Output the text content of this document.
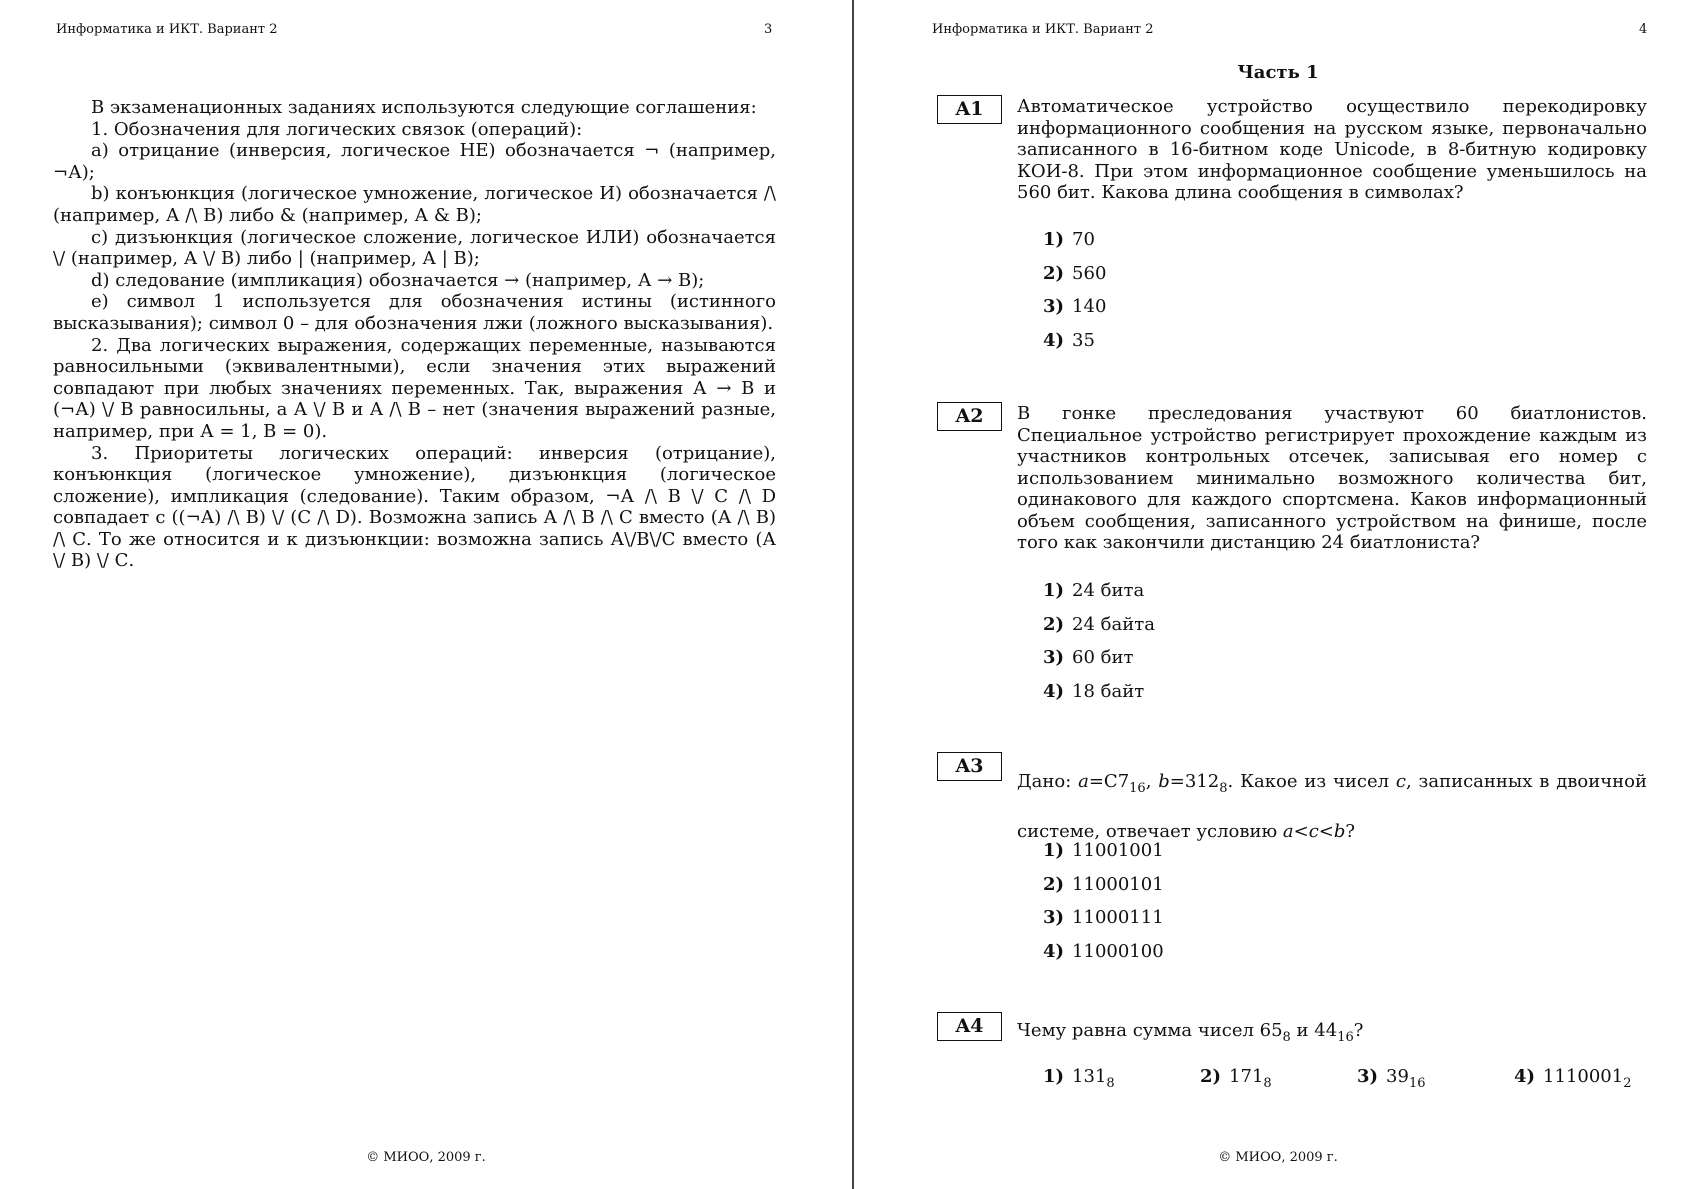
Информатика и ИКТ. Вариант 2	3

В экзаменационных заданиях используются следующие соглашения:

1. Обозначения для логических связок (операций):

a) отрицание (инверсия, логическое НЕ) обозначается ¬ (например, ¬А);

b) конъюнкция (логическое умножение, логическое И) обозначается /\ (например, А /\ В) либо & (например, А & В);

c) дизъюнкция (логическое сложение, логическое ИЛИ) обозначается \/ (например, А \/ В) либо | (например, А | В);

d) следование (импликация) обозначается → (например, А → В);

e) символ 1 используется для обозначения истины (истинного высказывания); символ 0 – для обозначения лжи (ложного высказывания).

2. Два логических выражения, содержащих переменные, называются равносильными (эквивалентными), если значения этих выражений совпадают при любых значениях переменных. Так, выражения А → В и (¬А) \/ В равносильны, а А \/ В и А /\ В – нет (значения выражений разные, например, при А = 1, В = 0).

3. Приоритеты логических операций: инверсия (отрицание), конъюнкция (логическое умножение), дизъюнкция (логическое сложение), импликация (следование). Таким образом, ¬А /\ В \/ С /\ D совпадает с ((¬А) /\ В) \/ (С /\ D). Возможна запись А /\ В /\ С вместо (А /\ В) /\ С. То же относится и к дизъюнкции: возможна запись А\/В\/С вместо (А \/ В) \/ С.

© МИОО, 2009 г.
Информатика и ИКТ. Вариант 2	4
Часть 1
A1	Автоматическое устройство осуществило перекодировку информационного сообщения на русском языке, первоначально записанного в 16-битном коде Unicode, в 8-битную кодировку КОИ-8. При этом информационное сообщение уменьшилось на 560 бит. Какова длина сообщения в символах?

1) 70
2) 560
3) 140
4) 35
A2	В гонке преследования участвуют 60 биатлонистов. Специальное устройство регистрирует прохождение каждым из участников контрольных отсечек, записывая его номер с использованием минимально возможного количества бит, одинакового для каждого спортсмена. Каков информационный объем сообщения, записанного устройством на финише, после того как закончили дистанцию 24 биатлониста?

1) 24 бита
2) 24 байта
3) 60 бит
4) 18 байт
A3

Дано: $a=C7_{16}$, $b=312_8$. Какое из чисел c, записанных в двоичной системе, отвечает условию a<c<b?

1) 11001001
2) 11000101
3) 11000111
4) 11000100
A4	Чему равна сумма чисел $65_8$ и $44_{16}$?

1) $131_8$	2) $171_8$	3) $39_{16}$	4) $1110001_2$
© МИОО, 2009 г.
